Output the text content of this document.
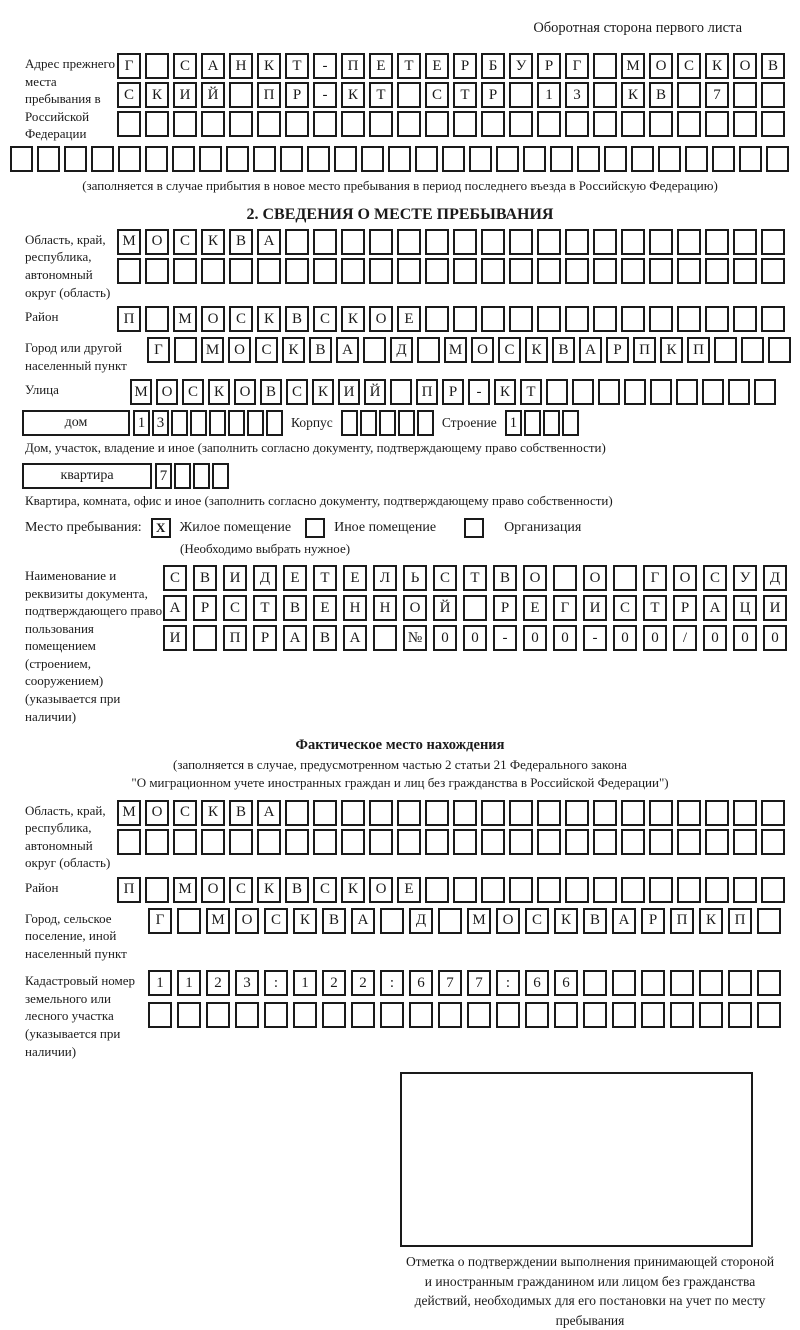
Оборотная сторона первого листа
Адрес прежнего места пребывания в Российской Федерации
Г	С	А	Н	К	Т	-	П	Е	Т	Е	Р	Б	У	Р	Г	М	О	С	К	О	В
С	К	И	Й	П	Р	-	К	Т	С	Т	Р	1	3	К	В	7
(заполняется в случае прибытия в новое место пребывания в период последнего въезда в Российскую Федерацию)
2. СВЕДЕНИЯ О МЕСТЕ ПРЕБЫВАНИЯ
Область, край, республика, автономный округ (область)
М	О	С	К	В	А
Район	П	М	О	С	К	В	С	К	О	Е
Город или другой населенный пункт
Г	М О	С	К	В	А	Д	М О	С	К	В	А	Р	П	К	П
Улица	М О	С	К	О	В	С	К	И	Й	П	Р	-	К	Т
дом	1 3	Корпус	Строение 1
Дом, участок, владение и иное (заполнить согласно документу, подтверждающему право собственности)
квартира	7
Квартира, комната, офис и иное (заполнить согласно документу, подтверждающему право собственности)
Место пребывания:	X	Жилое помещение	Иное помещение	Организация
(Необходимо выбрать нужное)
Наименование и реквизиты документа, подтверждающего право пользования помещением (строением, сооружением) (указывается при наличии)
С	В	И	Д	Е	Т	Е	Л	Ь	С	Т	В	О	О	Г	О	С	У	Д
А	Р	С	Т	В	Е	Н	Н	О	Й	Р	Е	Г	И	С	Т	Р	А	Ц	И
И	П	Р	А	В	А	№	0	0	-	0	0	-	0	0	/	0	0	0
Фактическое место нахождения
(заполняется в случае, предусмотренном частью 2 статьи 21 Федерального закона
"О миграционном учете иностранных граждан и лиц без гражданства в Российской Федерации")
Область, край, республика, автономный округ (область)
М	О	С	К	В	А
Район	П	М	О	С	К	В	С	К	О	Е
Город, сельское поселение, иной населенный пункт
Г	М	О	С	К	В	А	Д	М	О	С	К	В	А	Р	П	К	П
Кадастровый номер земельного или лесного участка (указывается при наличии)
1	1	2	3	:	1	2	2	:	6	7	7	:	6	6
Отметка о подтверждении выполнения принимающей стороной и иностранным гражданином или лицом без гражданства действий, необходимых для его постановки на учет по месту пребывания
